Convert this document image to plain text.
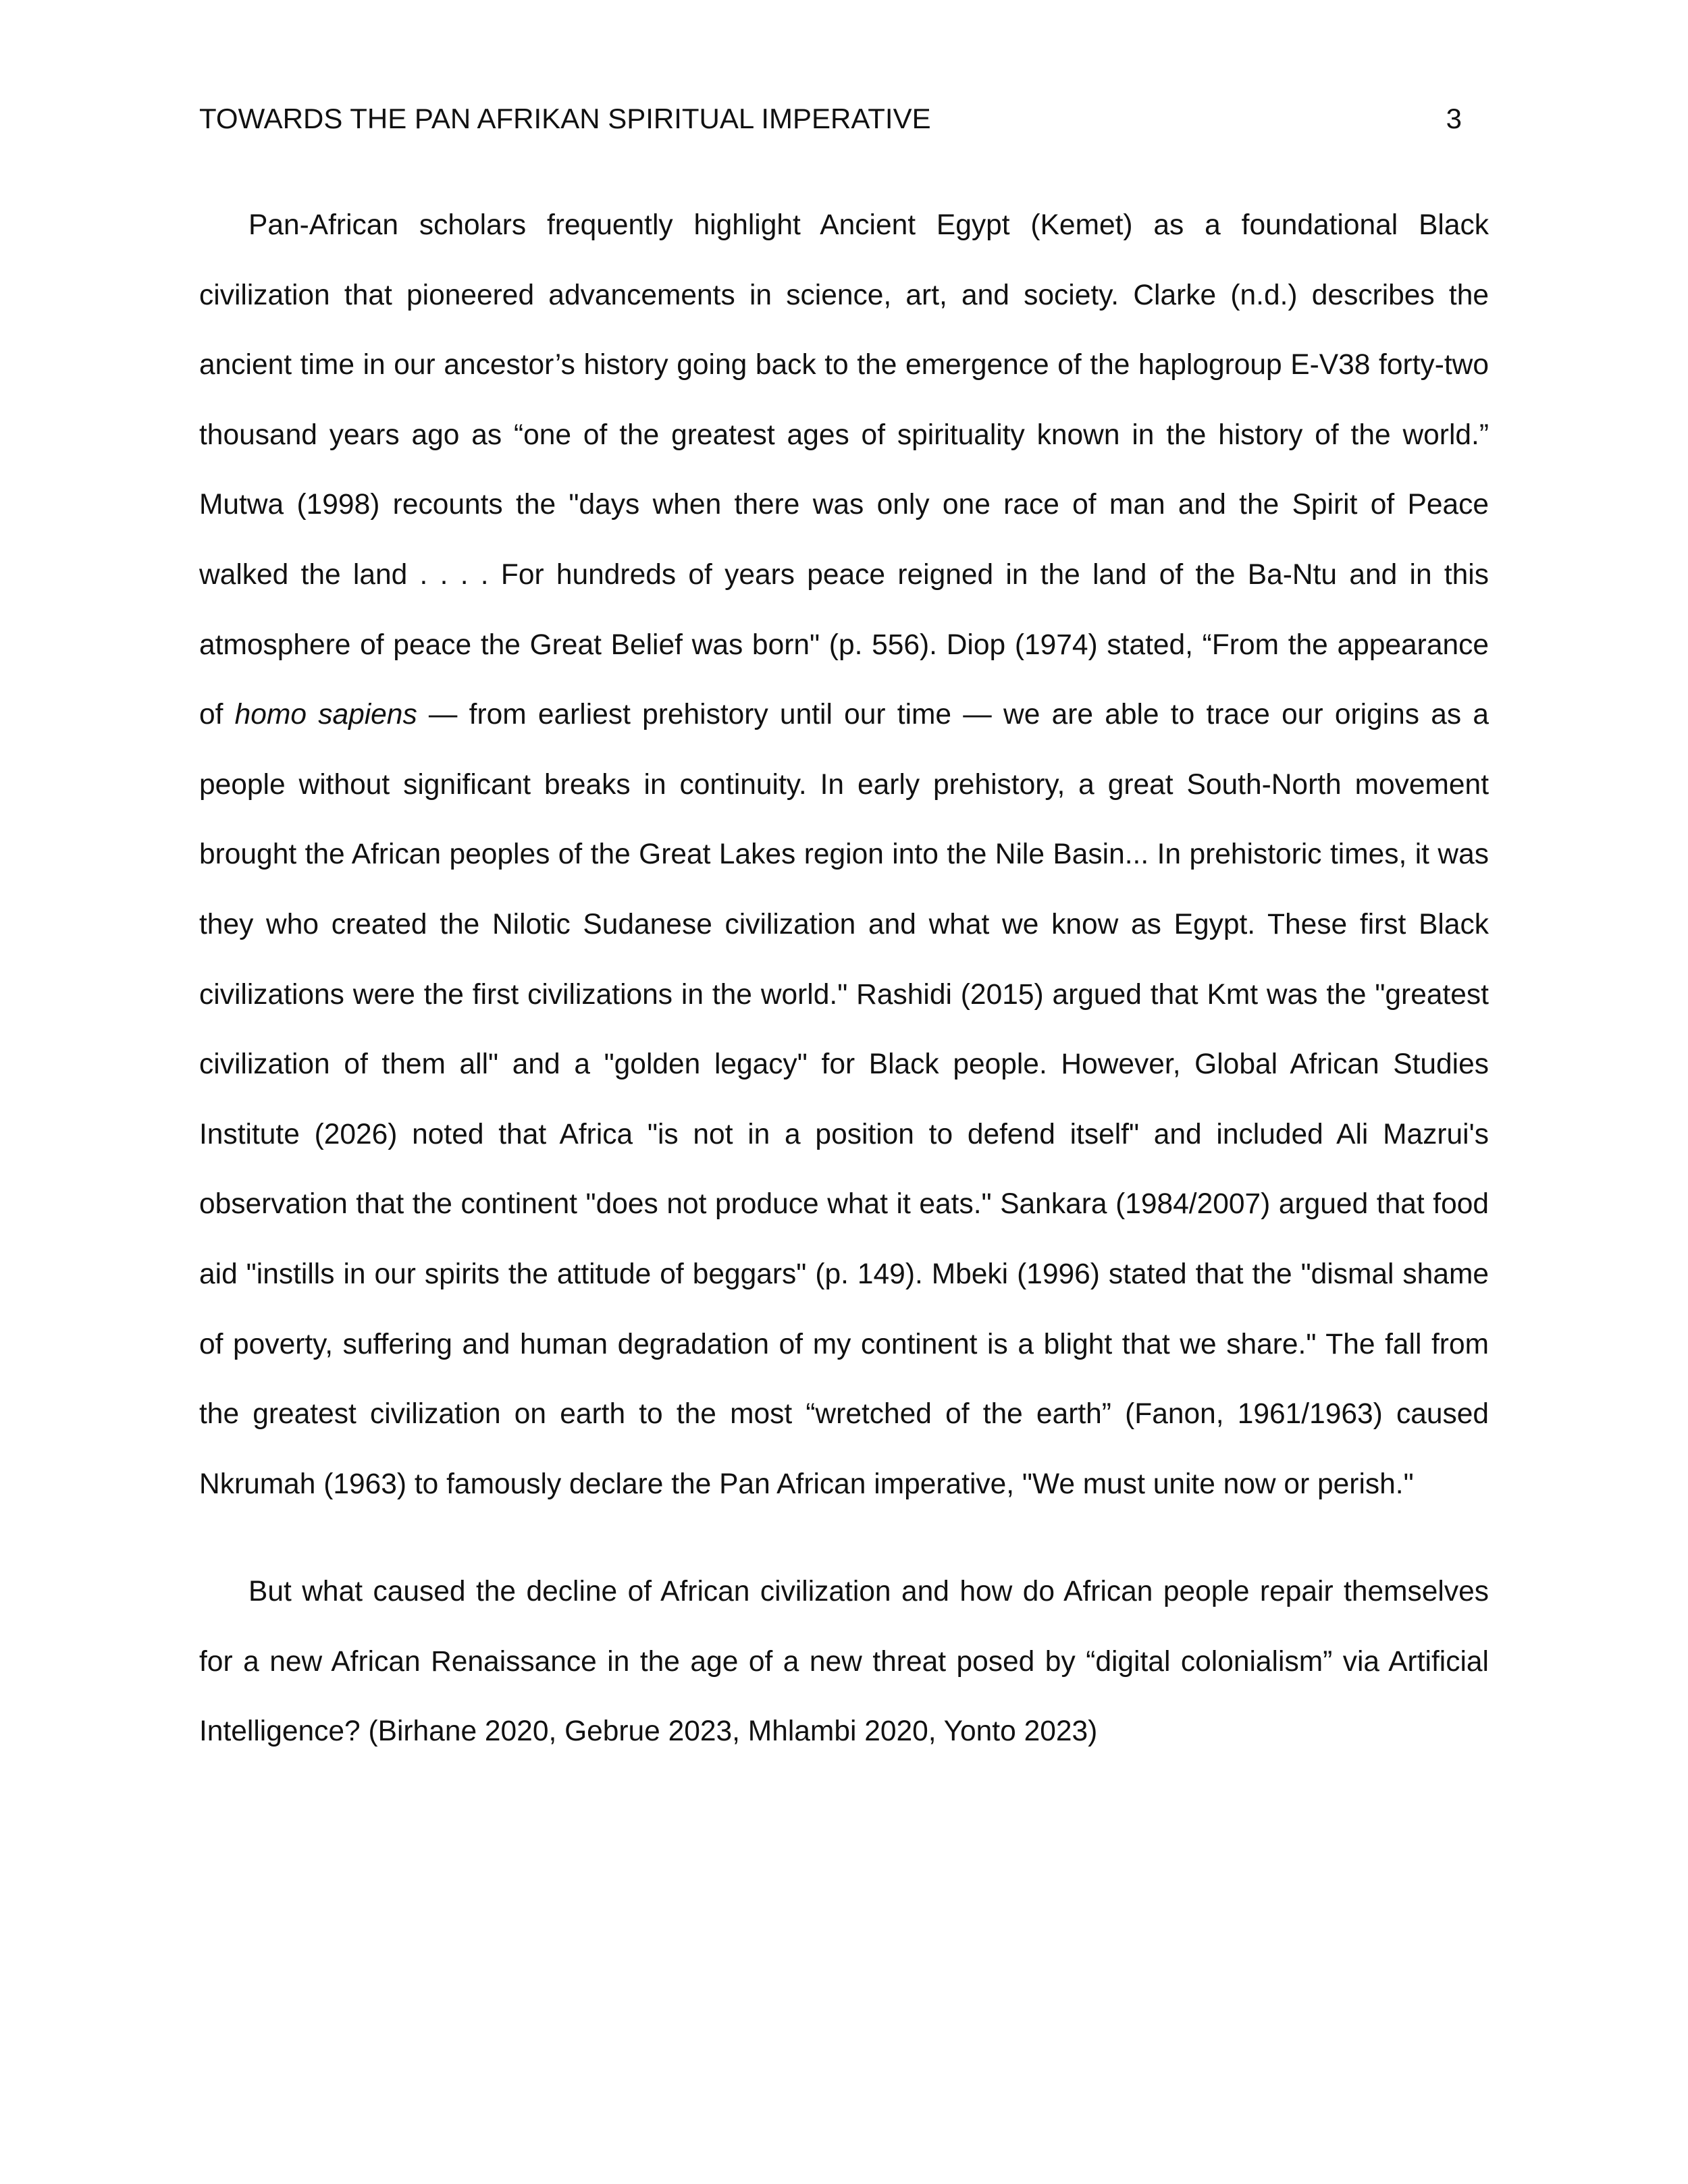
TOWARDS THE PAN AFRIKAN SPIRITUAL IMPERATIVE	3

Pan-African scholars frequently highlight Ancient Egypt (Kemet) as a foundational Black civilization that pioneered advancements in science, art, and society. Clarke (n.d.) describes the ancient time in our ancestor’s history going back to the emergence of the haplogroup E-V38 forty-two thousand years ago as “one of the greatest ages of spirituality known in the history of the world.” Mutwa (1998) recounts the "days when there was only one race of man and the Spirit of Peace walked the land . . . . For hundreds of years peace reigned in the land of the Ba-Ntu and in this atmosphere of peace the Great Belief was born" (p. 556). Diop (1974) stated, “From the appearance of homo sapiens — from earliest prehistory until our time — we are able to trace our origins as a people without significant breaks in continuity. In early prehistory, a great South-North movement brought the African peoples of the Great Lakes region into the Nile Basin... In prehistoric times, it was they who created the Nilotic Sudanese civilization and what we know as Egypt. These first Black civilizations were the first civilizations in the world." Rashidi (2015) argued that Kmt was the "greatest civilization of them all" and a "golden legacy" for Black people. However, Global African Studies Institute (2026) noted that Africa "is not in a position to defend itself" and included Ali Mazrui's observation that the continent "does not produce what it eats." Sankara (1984/2007) argued that food aid "instills in our spirits the attitude of beggars" (p. 149). Mbeki (1996) stated that the "dismal shame of poverty, suffering and human degradation of my continent is a blight that we share." The fall from the greatest civilization on earth to the most “wretched of the earth” (Fanon, 1961/1963) caused Nkrumah (1963) to famously declare the Pan African imperative, "We must unite now or perish."

But what caused the decline of African civilization and how do African people repair themselves for a new African Renaissance in the age of a new threat posed by “digital colonialism” via Artificial Intelligence? (Birhane 2020, Gebrue 2023, Mhlambi 2020, Yonto 2023)
